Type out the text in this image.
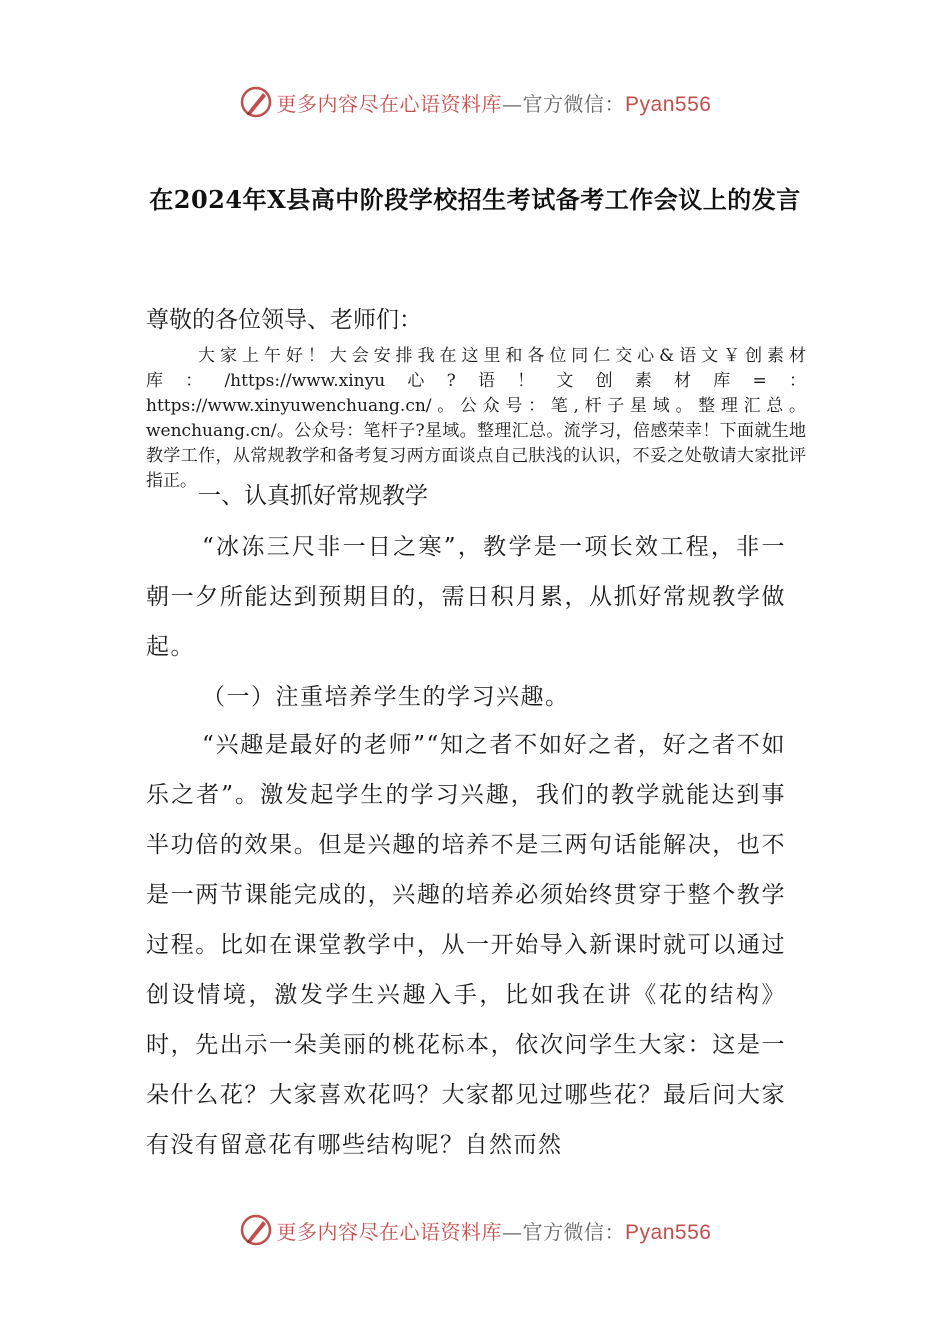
更多内容尽在心语资料库—官方微信：Pyan556
在2024年X县高中阶段学校招生考试备考工作会议上的发言
尊敬的各位领导、老师们：
大家上午好！大会安排我在这里和各位同仁交心&语文￥创素材库：/https://www.xinyu心?语！文创素材库=：https://www.xinyuwenchuang.cn/。公众号：笔,杆子星域。整理汇总。wenchuang.cn/。公众号：笔杆子?星域。整理汇总。流学习，倍感荣幸！下面就生地教学工作，从常规教学和备考复习两方面谈点自己肤浅的认识，不妥之处敬请大家批评指正。
一、认真抓好常规教学
“冰冻三尺非一日之寒”，教学是一项长效工程，非一朝一夕所能达到预期目的，需日积月累，从抓好常规教学做起。
（一）注重培养学生的学习兴趣。
“兴趣是最好的老师”“知之者不如好之者，好之者不如乐之者”。激发起学生的学习兴趣，我们的教学就能达到事半功倍的效果。但是兴趣的培养不是三两句话能解决，也不是一两节课能完成的，兴趣的培养必须始终贯穿于整个教学过程。比如在课堂教学中，从一开始导入新课时就可以通过创设情境，激发学生兴趣入手，比如我在讲《花的结构》时，先出示一朵美丽的桃花标本，依次问学生大家：这是一朵什么花？大家喜欢花吗？大家都见过哪些花？最后问大家有没有留意花有哪些结构呢？自然而然
更多内容尽在心语资料库—官方微信：Pyan556
